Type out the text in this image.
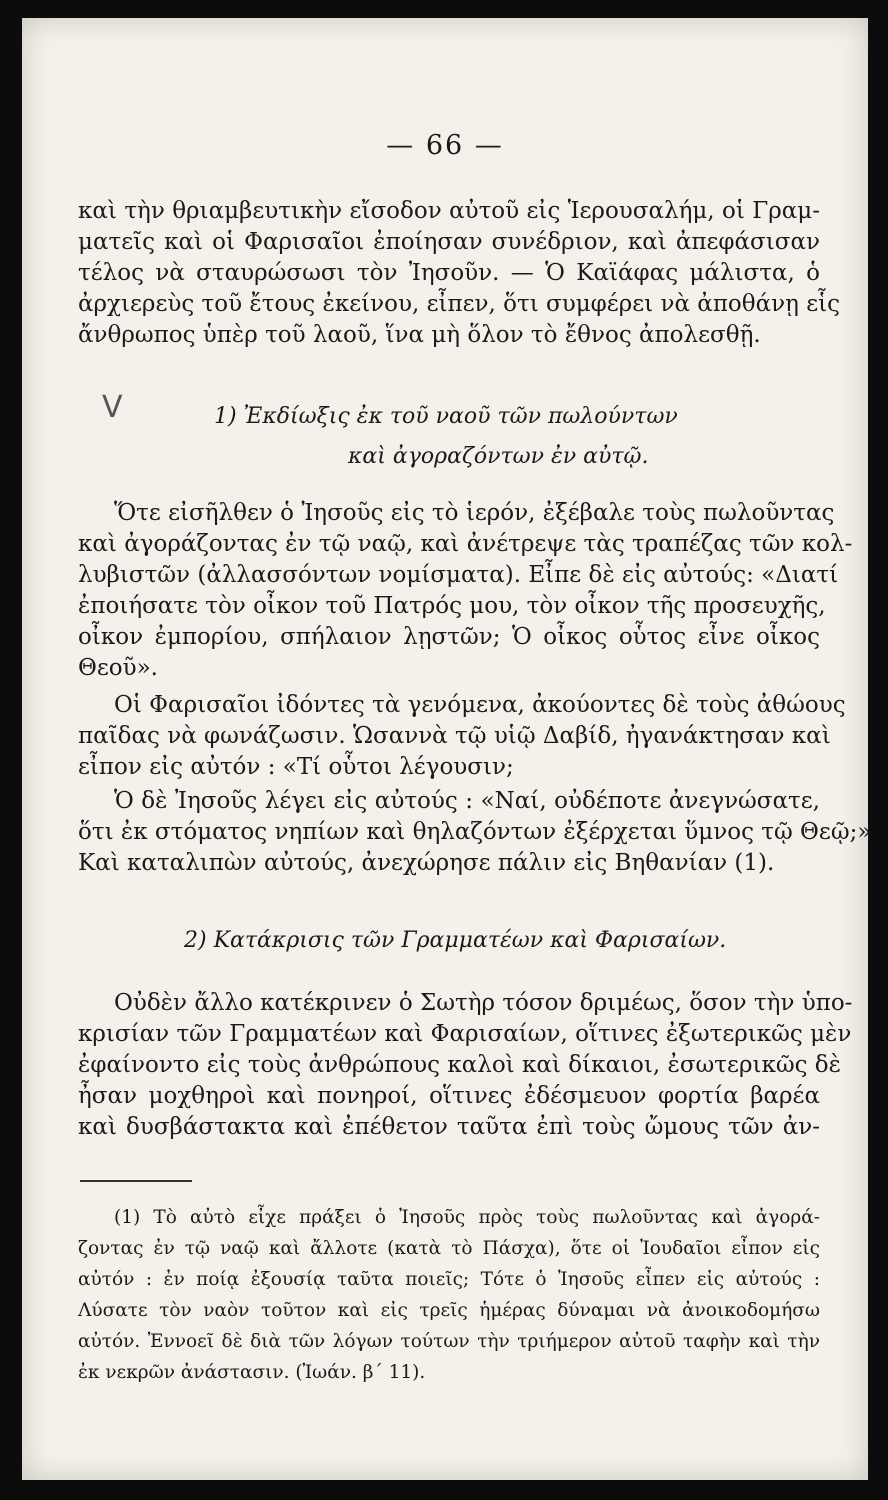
— 66 —
καὶ τὴν θριαμβευτικὴν εἴσοδον αὐτοῦ εἰς Ἱερουσαλήμ, οἱ Γραμ-
ματεῖς καὶ οἱ Φαρισαῖοι ἐποίησαν συνέδριον, καὶ ἀπεφάσισαν
τέλος νὰ σταυρώσωσι τὸν Ἰησοῦν. — Ὁ Καϊάφας μάλιστα, ὁ
ἀρχιερεὺς τοῦ ἔτους ἐκείνου, εἶπεν, ὅτι συμφέρει νὰ ἀποθάνῃ εἷς
ἄνθρωπος ὑπὲρ τοῦ λαοῦ, ἵνα μὴ ὅλον τὸ ἔθνος ἀπολεσθῇ.
V	1) Ἐκδίωξις ἐκ τοῦ ναοῦ τῶν πωλούντων
καὶ ἀγοραζόντων ἐν αὐτῷ.
Ὅτε εἰσῆλθεν ὁ Ἰησοῦς εἰς τὸ ἱερόν, ἐξέβαλε τοὺς πωλοῦντας
καὶ ἀγοράζοντας ἐν τῷ ναῷ, καὶ ἀνέτρεψε τὰς τραπέζας τῶν κολ-
λυβιστῶν (ἀλλασσόντων νομίσματα). Εἶπε δὲ εἰς αὐτούς: «Διατί
ἐποιήσατε τὸν οἶκον τοῦ Πατρός μου, τὸν οἶκον τῆς προσευχῆς,
οἶκον ἐμπορίου, σπήλαιον λῃστῶν; Ὁ οἶκος οὗτος εἶνε οἶκος
Θεοῦ».
Οἱ Φαρισαῖοι ἰδόντες τὰ γενόμενα, ἀκούοντες δὲ τοὺς ἀθώους
παῖδας νὰ φωνάζωσιν. Ὡσαννὰ τῷ υἱῷ Δαβίδ, ἠγανάκτησαν καὶ
εἶπον εἰς αὐτόν : «Τί οὗτοι λέγουσιν;
Ὁ δὲ Ἰησοῦς λέγει εἰς αὐτούς : «Ναί, οὐδέποτε ἀνεγνώσατε,
ὅτι ἐκ στόματος νηπίων καὶ θηλαζόντων ἐξέρχεται ὕμνος τῷ Θεῷ;»
Καὶ καταλιπὼν αὐτούς, ἀνεχώρησε πάλιν εἰς Βηθανίαν (1).
2) Κατάκρισις τῶν Γραμματέων καὶ Φαρισαίων.
Οὐδὲν ἄλλο κατέκρινεν ὁ Σωτὴρ τόσον δριμέως, ὅσον τὴν ὑπο-
κρισίαν τῶν Γραμματέων καὶ Φαρισαίων, οἵτινες ἐξωτερικῶς μὲν
ἐφαίνοντο εἰς τοὺς ἀνθρώπους καλοὶ καὶ δίκαιοι, ἐσωτερικῶς δὲ
ἦσαν μοχθηροὶ καὶ πονηροί, οἵτινες ἐδέσμευον φορτία βαρέα
καὶ δυσβάστακτα καὶ ἐπέθετον ταῦτα ἐπὶ τοὺς ὤμους τῶν ἀν-
(1) Τὸ αὐτὸ εἶχε πράξει ὁ Ἰησοῦς πρὸς τοὺς πωλοῦντας καὶ ἀγορά-
ζοντας ἐν τῷ ναῷ καὶ ἄλλοτε (κατὰ τὸ Πάσχα), ὅτε οἱ Ἰουδαῖοι εἶπον εἰς
αὐτόν : ἐν ποίᾳ ἐξουσίᾳ ταῦτα ποιεῖς; Τότε ὁ Ἰησοῦς εἶπεν εἰς αὐτούς :
Λύσατε τὸν ναὸν τοῦτον καὶ εἰς τρεῖς ἡμέρας δύναμαι νὰ ἀνοικοδομήσω
αὐτόν. Ἐννοεῖ δὲ διὰ τῶν λόγων τούτων τὴν τριήμερον αὐτοῦ ταφὴν καὶ τὴν
ἐκ νεκρῶν ἀνάστασιν. (Ἰωάν. β´ 11).
